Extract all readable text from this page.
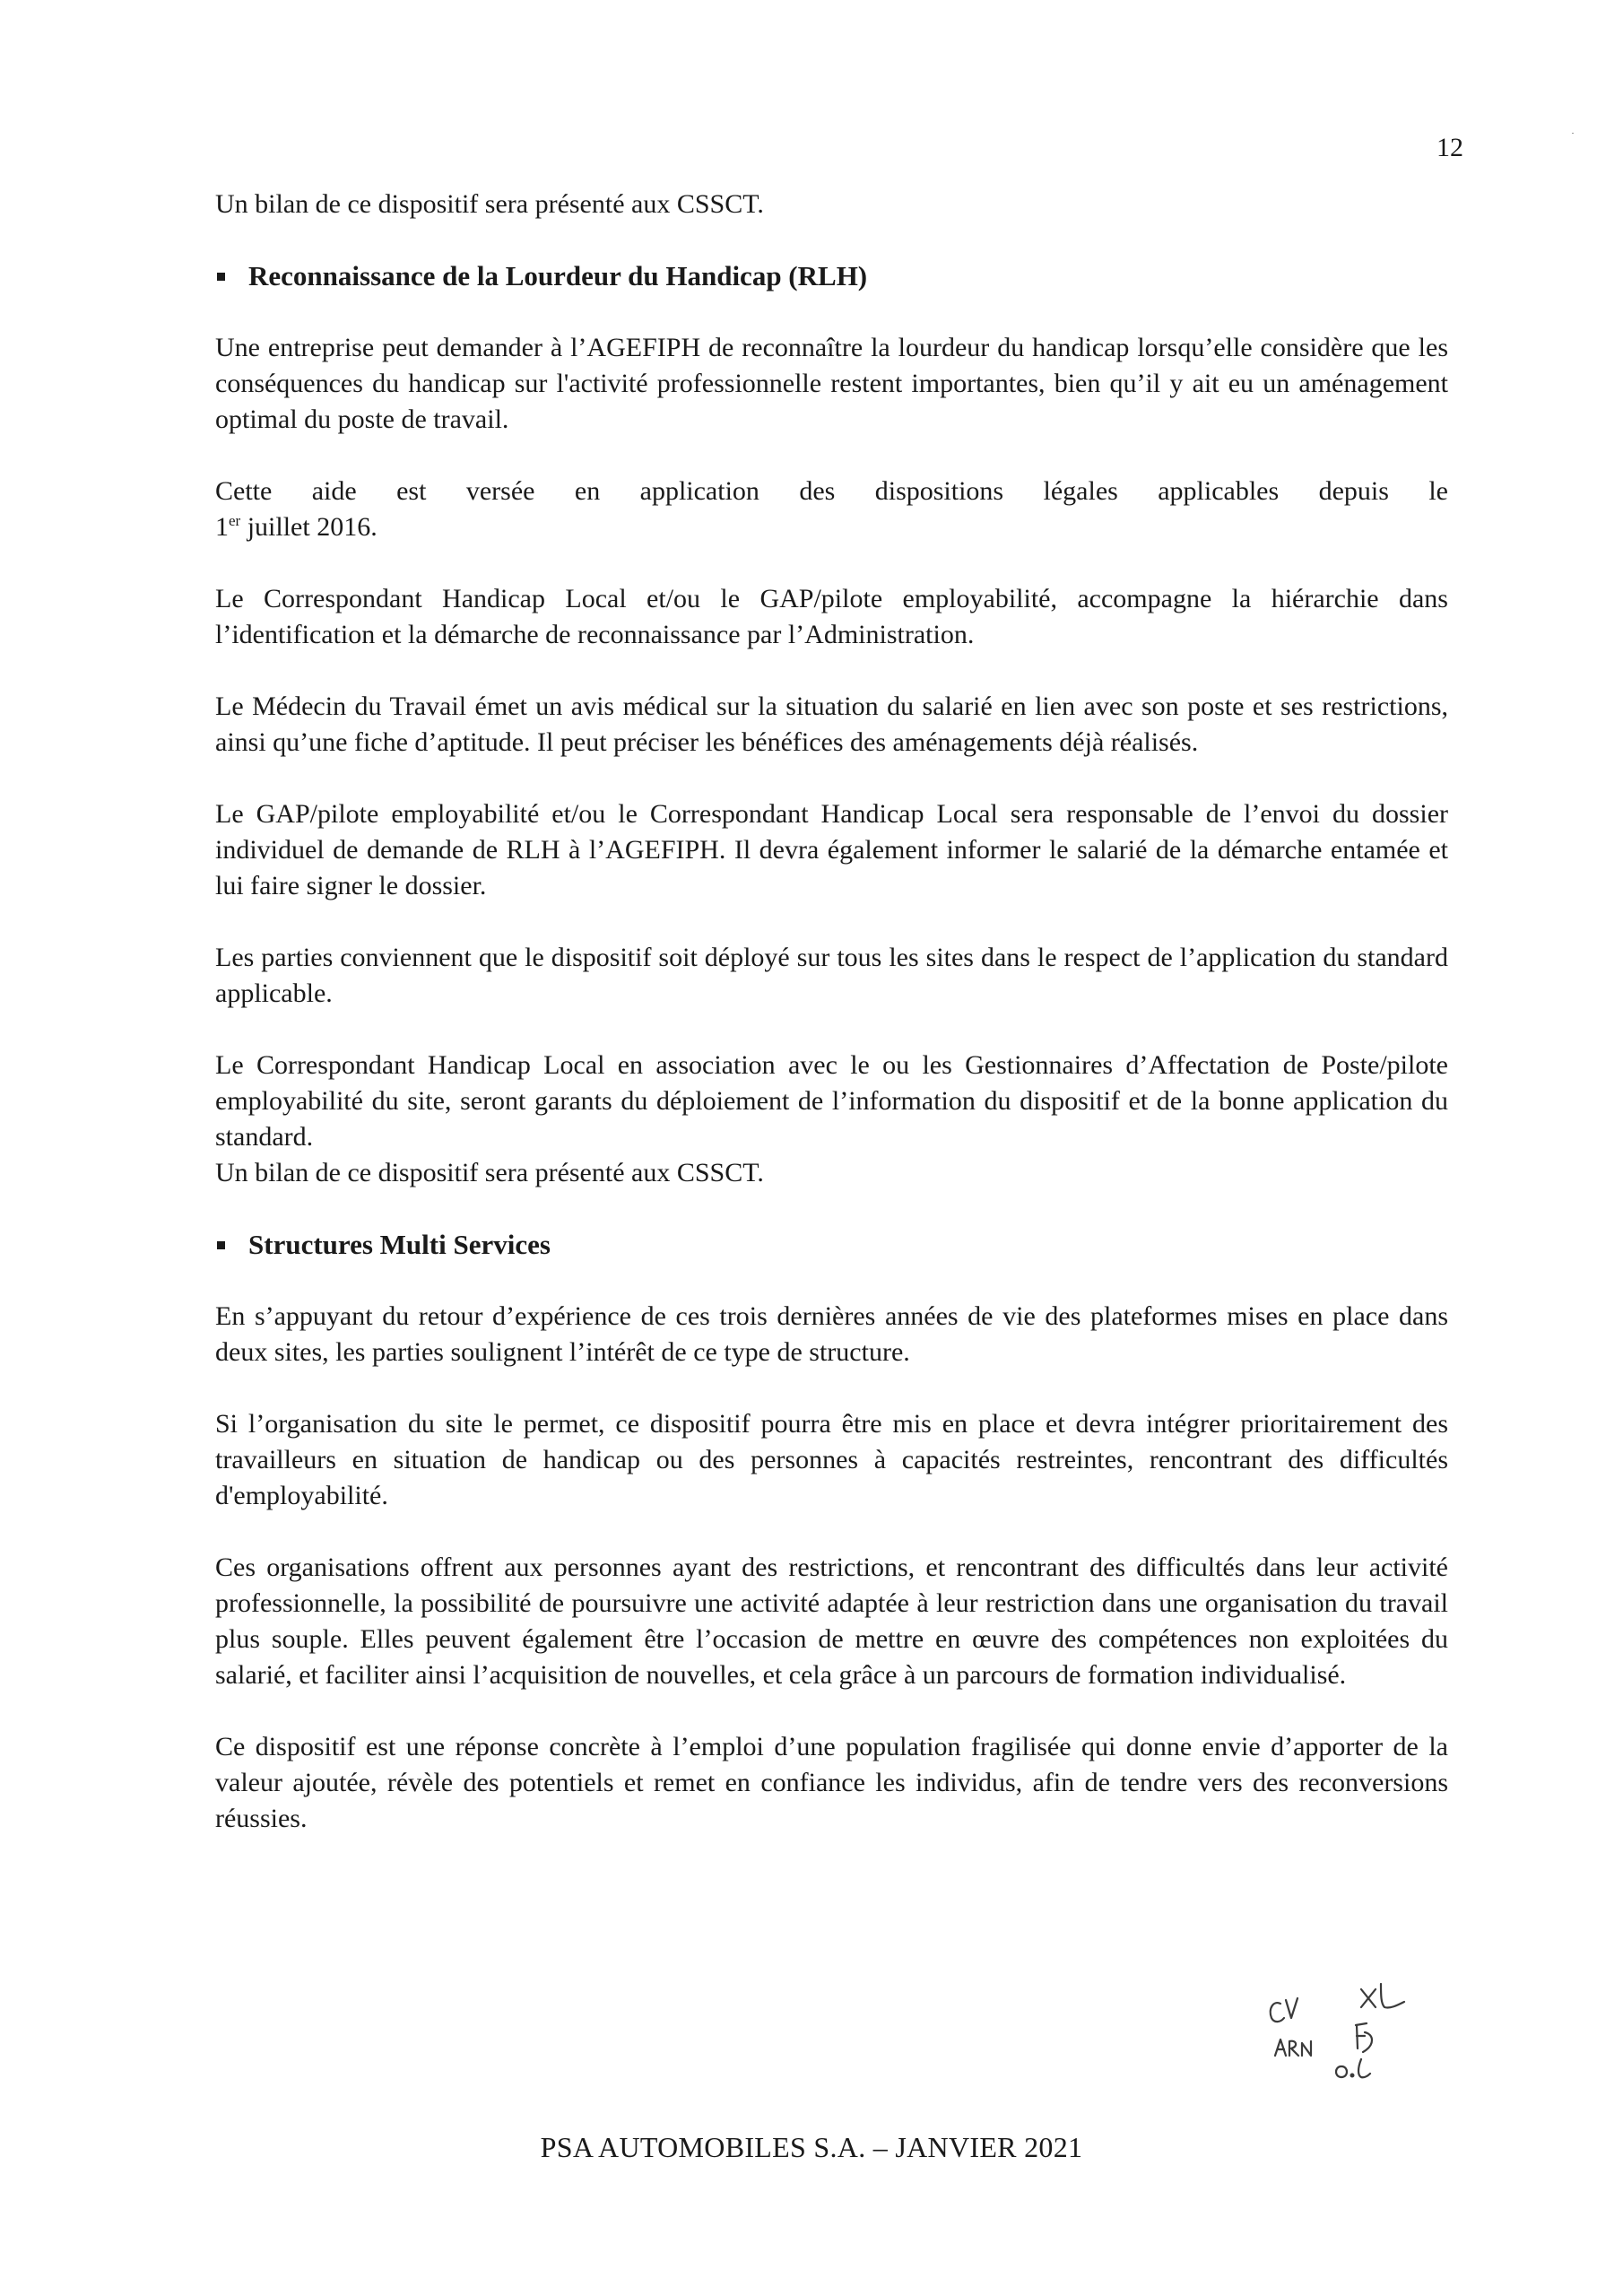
12

Un bilan de ce dispositif sera présenté aux CSSCT.

Reconnaissance de la Lourdeur du Handicap (RLH)

Une entreprise peut demander à l’AGEFIPH de reconnaître la lourdeur du handicap lorsqu’elle considère que les conséquences du handicap sur l'activité professionnelle restent importantes, bien qu’il y ait eu un aménagement optimal du poste de travail.

Cette aide est versée en application des dispositions légales applicables depuis le
1er juillet 2016.

Le Correspondant Handicap Local et/ou le GAP/pilote employabilité, accompagne la hiérarchie dans l’identification et la démarche de reconnaissance par l’Administration.

Le Médecin du Travail émet un avis médical sur la situation du salarié en lien avec son poste et ses restrictions, ainsi qu’une fiche d’aptitude. Il peut préciser les bénéfices des aménagements déjà réalisés.

Le GAP/pilote employabilité et/ou le Correspondant Handicap Local sera responsable de l’envoi du dossier individuel de demande de RLH à l’AGEFIPH. Il devra également informer le salarié de la démarche entamée et lui faire signer le dossier.

Les parties conviennent que le dispositif soit déployé sur tous les sites dans le respect de l’application du standard applicable.

Le Correspondant Handicap Local en association avec le ou les Gestionnaires d’Affectation de Poste/pilote employabilité du site, seront garants du déploiement de l’information du dispositif et de la bonne application du standard.

Un bilan de ce dispositif sera présenté aux CSSCT.

Structures Multi Services

En s’appuyant du retour d’expérience de ces trois dernières années de vie des plateformes mises en place dans deux sites, les parties soulignent l’intérêt de ce type de structure.

Si l’organisation du site le permet, ce dispositif pourra être mis en place et devra intégrer prioritairement des travailleurs en situation de handicap ou des personnes à capacités restreintes, rencontrant des difficultés d'employabilité.

Ces organisations offrent aux personnes ayant des restrictions, et rencontrant des difficultés dans leur activité professionnelle, la possibilité de poursuivre une activité adaptée à leur restriction dans une organisation du travail plus souple. Elles peuvent également être l’occasion de mettre en œuvre des compétences non exploitées du salarié, et faciliter ainsi l’acquisition de nouvelles, et cela grâce à un parcours de formation individualisé.

Ce dispositif est une réponse concrète à l’emploi d’une population fragilisée qui donne envie d’apporter de la valeur ajoutée, révèle des potentiels et remet en confiance les individus, afin de tendre vers des reconversions réussies.

PSA AUTOMOBILES S.A. – JANVIER 2021
